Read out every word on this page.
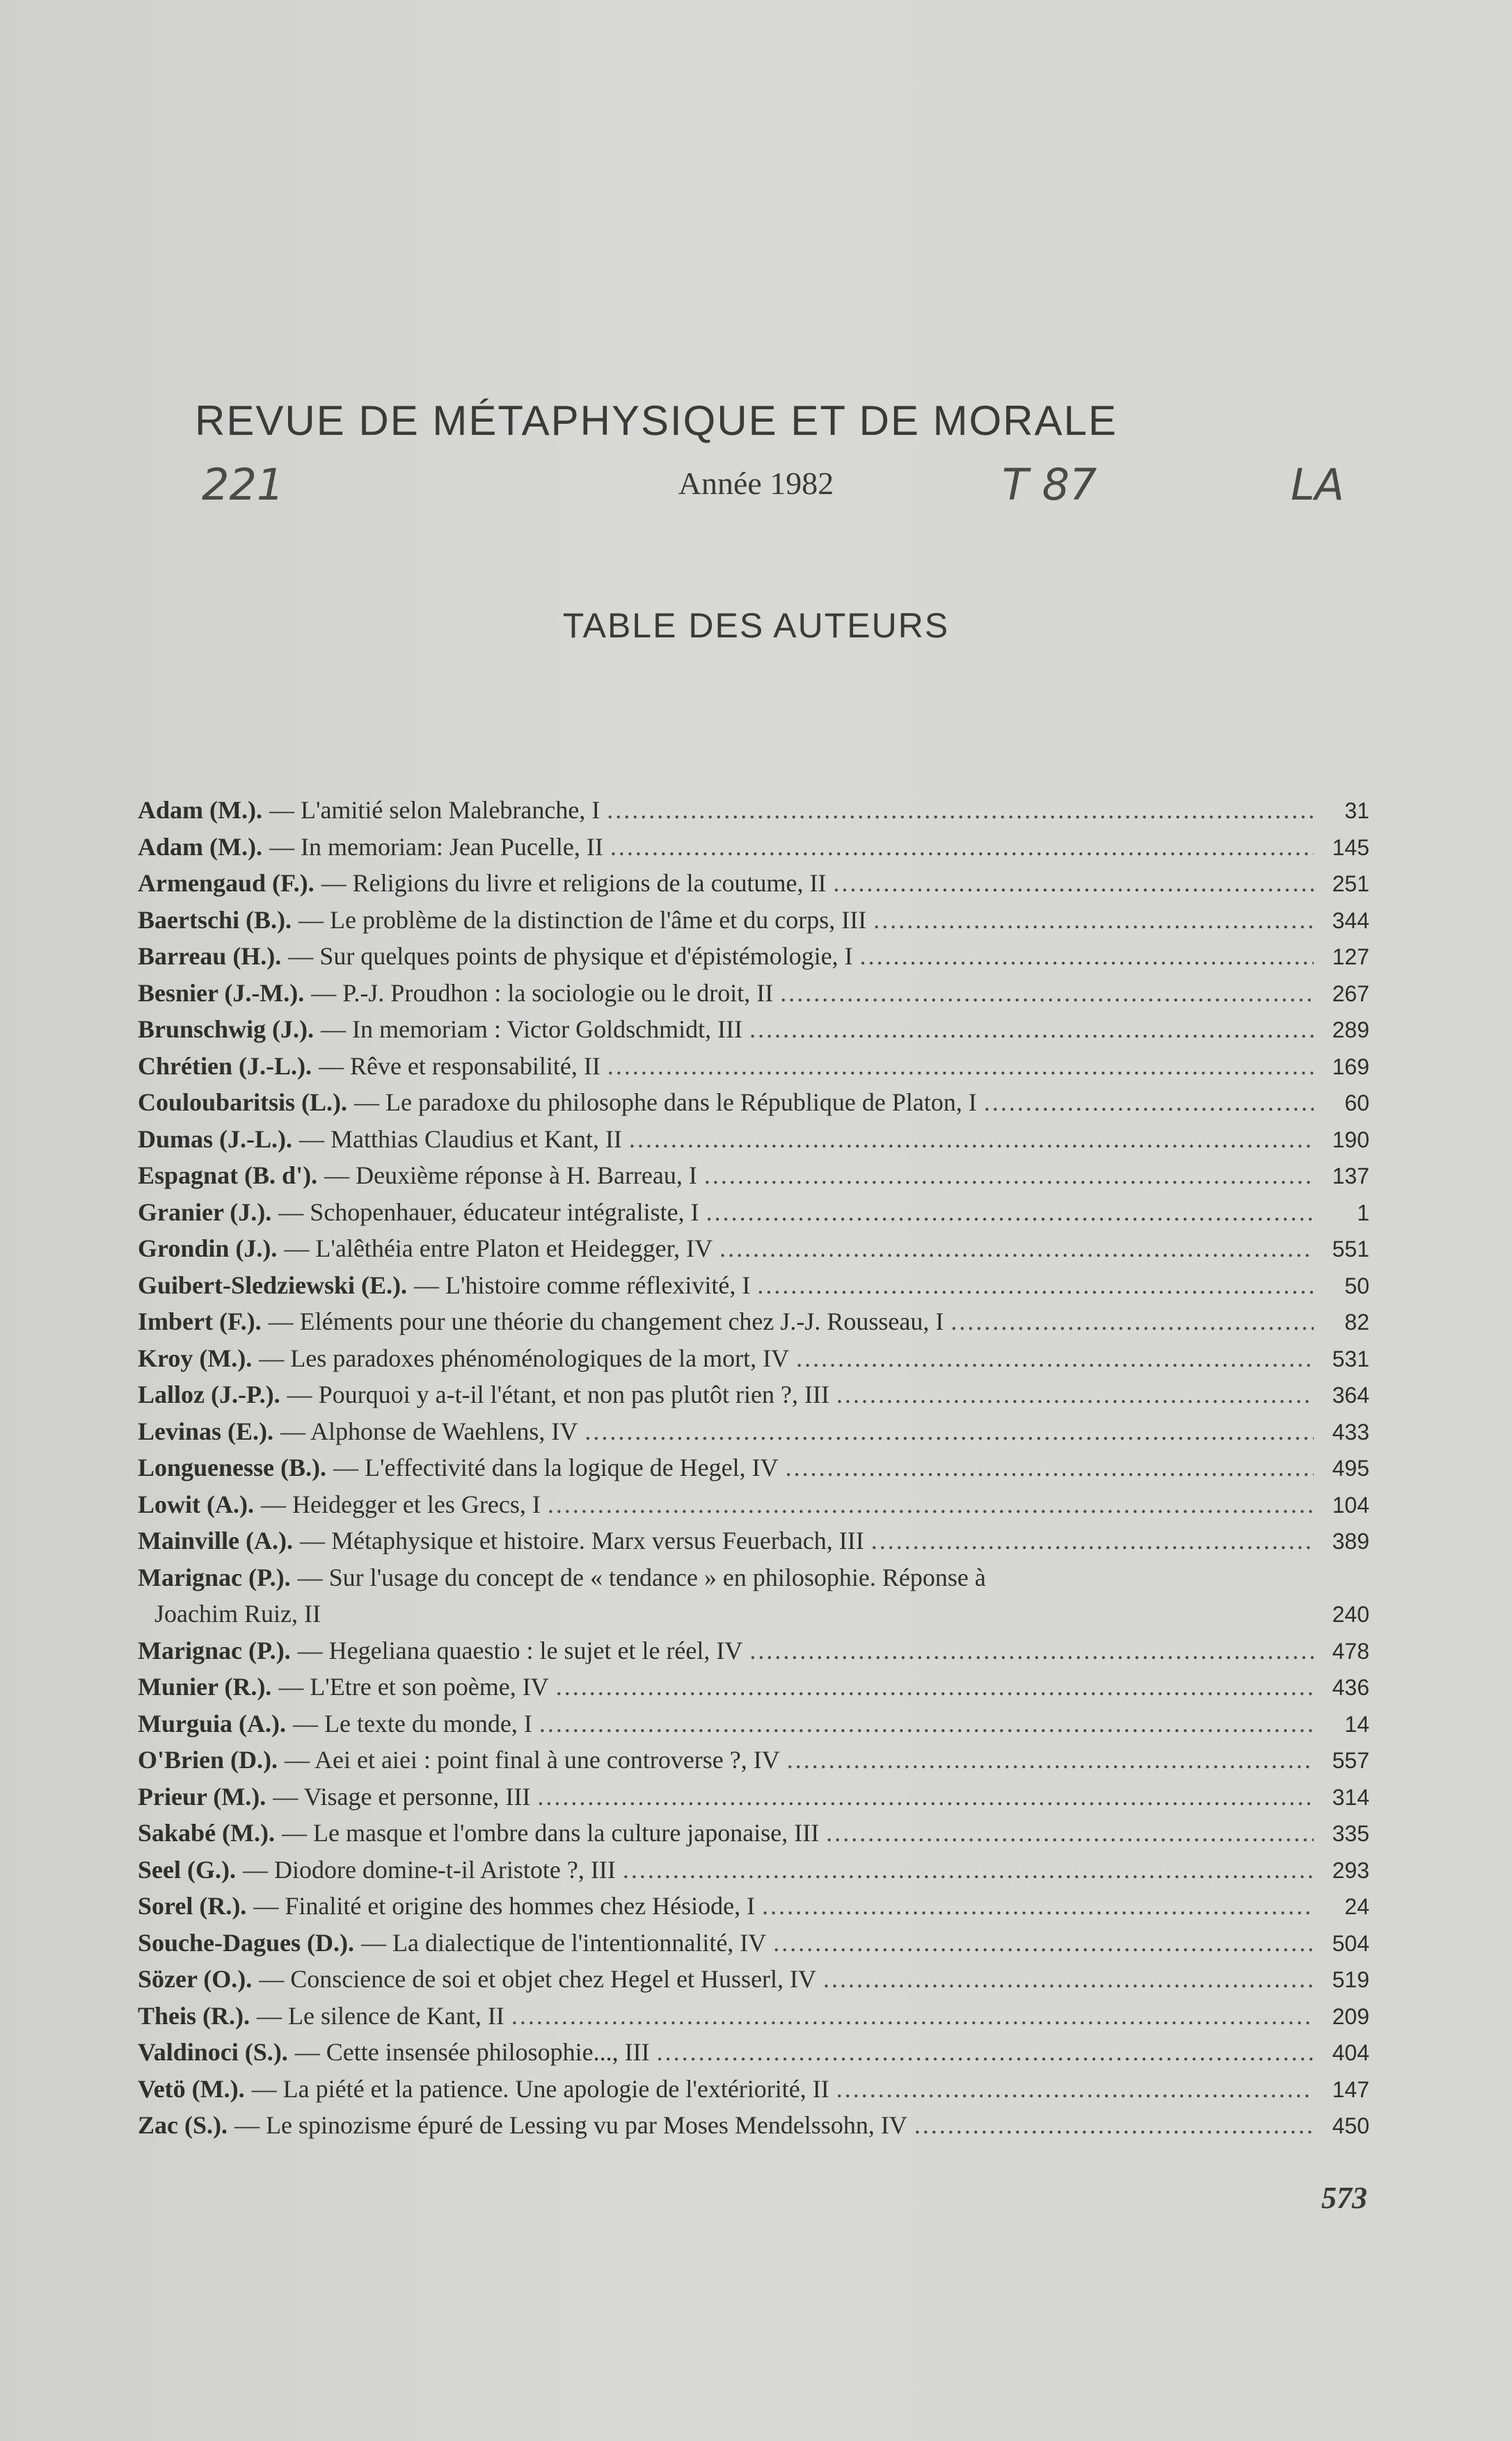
REVUE DE MÉTAPHYSIQUE ET DE MORALE
221	Année 1982	T 87	LA
TABLE DES AUTEURS
Adam (M.). — L'amitié selon Malebranche, I .....	31
Adam (M.). — In memoriam: Jean Pucelle, II .....	145
Armengaud (F.). — Religions du livre et religions de la coutume, II .....	251
Baertschi (B.). — Le problème de la distinction de l'âme et du corps, III .....	344
Barreau (H.). — Sur quelques points de physique et d'épistémologie, I .....	127
Besnier (J.-M.). — P.-J. Proudhon : la sociologie ou le droit, II .....	267
Brunschwig (J.). — In memoriam : Victor Goldschmidt, III .....	289
Chrétien (J.-L.). — Rêve et responsabilité, II .....	169
Couloubaritsis (L.). — Le paradoxe du philosophe dans le République de Platon, I .....	60
Dumas (J.-L.). — Matthias Claudius et Kant, II .....	190
Espagnat (B. d'). — Deuxième réponse à H. Barreau, I .....	137
Granier (J.). — Schopenhauer, éducateur intégraliste, I .....	1
Grondin (J.). — L'alêthéia entre Platon et Heidegger, IV .....	551
Guibert-Sledziewski (E.). — L'histoire comme réflexivité, I .....	50
Imbert (F.). — Eléments pour une théorie du changement chez J.-J. Rousseau, I .....	82
Kroy (M.). — Les paradoxes phénoménologiques de la mort, IV .....	531
Lalloz (J.-P.). — Pourquoi y a-t-il l'étant, et non pas plutôt rien ?, III .....	364
Levinas (E.). — Alphonse de Waehlens, IV .....	433
Longuenesse (B.). — L'effectivité dans la logique de Hegel, IV .....	495
Lowit (A.). — Heidegger et les Grecs, I .....	104
Mainville (A.). — Métaphysique et histoire. Marx versus Feuerbach, III .....	389
Marignac (P.). — Sur l'usage du concept de « tendance » en philosophie. Réponse à
Joachim Ruiz, II	240
Marignac (P.). — Hegeliana quaestio : le sujet et le réel, IV .....	478
Munier (R.). — L'Etre et son poème, IV .....	436
Murguia (A.). — Le texte du monde, I .....	14
O'Brien (D.). — Aei et aiei : point final à une controverse ?, IV .....	557
Prieur (M.). — Visage et personne, III .....	314
Sakabé (M.). — Le masque et l'ombre dans la culture japonaise, III .....	335
Seel (G.). — Diodore domine-t-il Aristote ?, III .....	293
Sorel (R.). — Finalité et origine des hommes chez Hésiode, I .....	24
Souche-Dagues (D.). — La dialectique de l'intentionnalité, IV .....	504
Sözer (O.). — Conscience de soi et objet chez Hegel et Husserl, IV .....	519
Theis (R.). — Le silence de Kant, II .....	209
Valdinoci (S.). — Cette insensée philosophie..., III .....	404
Vetö (M.). — La piété et la patience. Une apologie de l'extériorité, II .....	147
Zac (S.). — Le spinozisme épuré de Lessing vu par Moses Mendelssohn, IV .....	450
573
